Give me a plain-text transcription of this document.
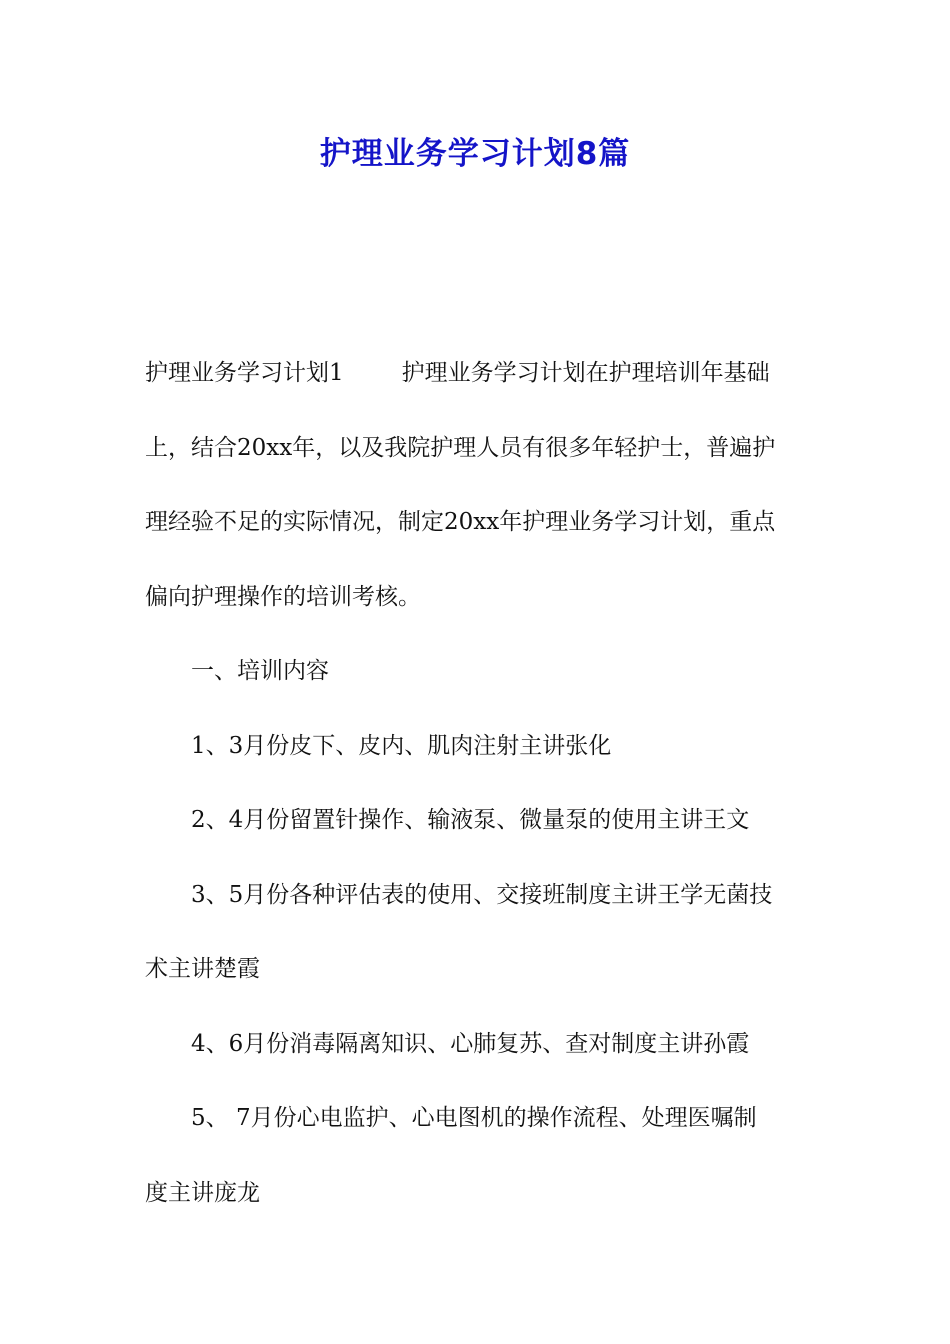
护理业务学习计划8篇
护理业务学习计划1	护理业务学习计划在护理培训年基础
上，结合20xx年，以及我院护理人员有很多年轻护士，普遍护
理经验不足的实际情况，制定20xx年护理业务学习计划，重点
偏向护理操作的培训考核。
一、培训内容
1、3月份皮下、皮内、肌肉注射主讲张化
2、4月份留置针操作、输液泵、微量泵的使用主讲王文
3、5月份各种评估表的使用、交接班制度主讲王学无菌技
术主讲楚霞
4、6月份消毒隔离知识、心肺复苏、查对制度主讲孙霞
5、 7月份心电监护、心电图机的操作流程、处理医嘱制
度主讲庞龙
